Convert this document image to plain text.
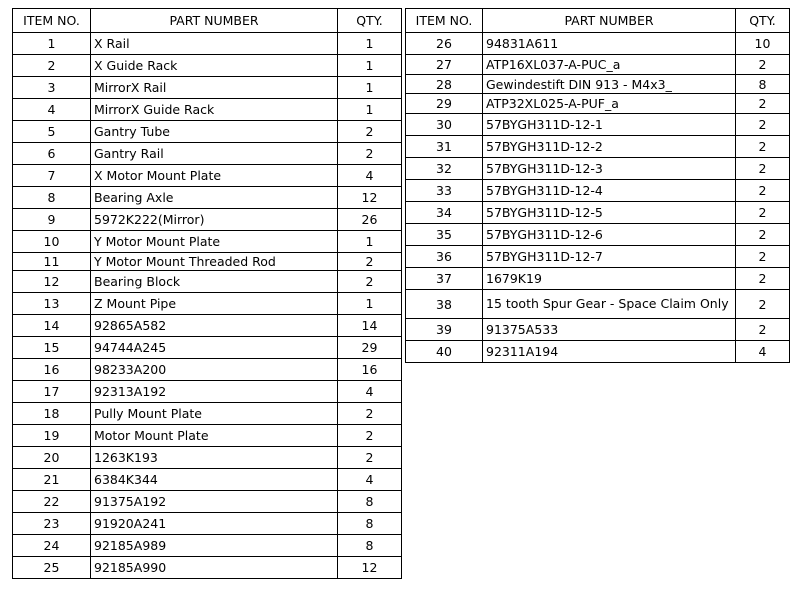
ITEM NO.	PART NUMBER	QTY.
1	X Rail	1
2	X Guide Rack	1
3	MirrorX Rail	1
4	MirrorX Guide Rack	1
5	Gantry Tube	2
6	Gantry Rail	2
7	X Motor Mount Plate	4
8	Bearing Axle	12
9	5972K222(Mirror)	26
10	Y Motor Mount Plate	1
11	Y Motor Mount Threaded Rod	2
12	Bearing Block	2
13	Z Mount Pipe	1
14	92865A582	14
15	94744A245	29
16	98233A200	16
17	92313A192	4
18	Pully Mount Plate	2
19	Motor Mount Plate	2
20	1263K193	2
21	6384K344	4
22	91375A192	8
23	91920A241	8
24	92185A989	8
25	92185A990	12
ITEM NO.	PART NUMBER	QTY.
26	94831A611	10
27	ATP16XL037-A-PUC_a	2
28	Gewindestift DIN 913 - M4x3_	8
29	ATP32XL025-A-PUF_a	2
30	57BYGH311D-12-1	2
31	57BYGH311D-12-2	2
32	57BYGH311D-12-3	2
33	57BYGH311D-12-4	2
34	57BYGH311D-12-5	2
35	57BYGH311D-12-6	2
36	57BYGH311D-12-7	2
37	1679K19	2
38	15 tooth Spur Gear - Space Claim Only	2
39	91375A533	2
40	92311A194	4
